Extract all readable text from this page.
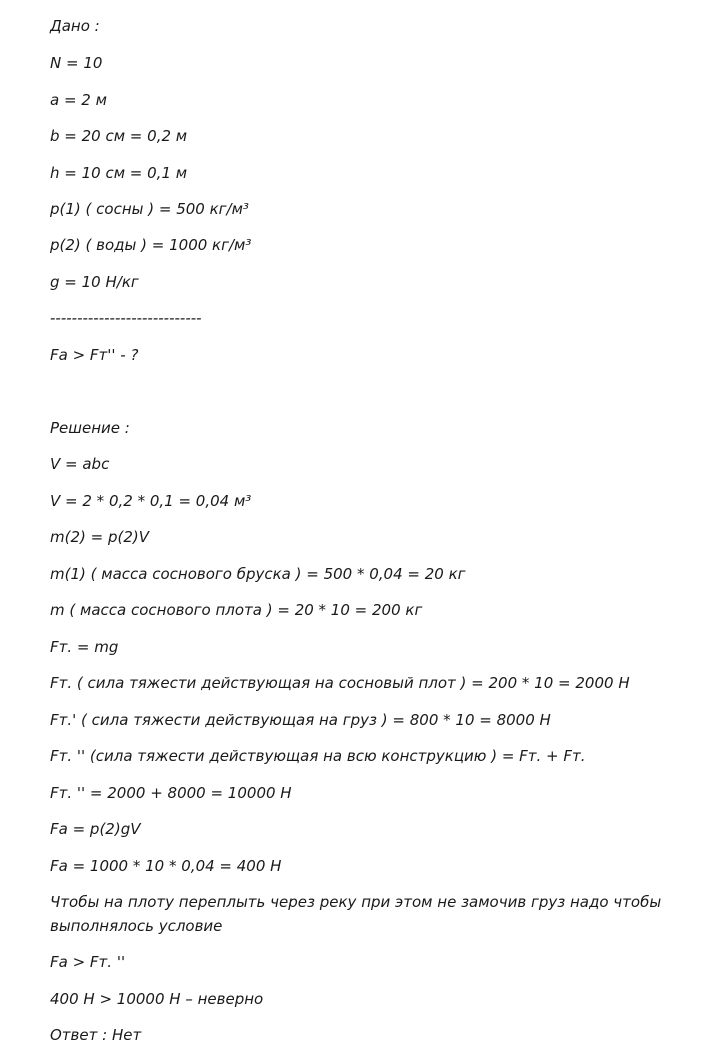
Дано :
N = 10
a = 2 м
b = 20 см = 0,2 м
h = 10 см = 0,1 м
p(1) ( сосны ) = 500 кг/м³
p(2) ( воды ) = 1000 кг/м³
g = 10 Н/кг
----------------------------
Fa > Fт'' - ?
Решение :
V = abc
V = 2 * 0,2 * 0,1 = 0,04 м³
m(2) = p(2)V
m(1) ( масса соснового бруска ) = 500 * 0,04 = 20 кг
m ( масса соснового плота ) = 20 * 10 = 200 кг
Fт. = mg
Fт. ( сила тяжести действующая на сосновый плот ) = 200 * 10 = 2000 Н
Fт.' ( сила тяжести действующая на груз ) = 800 * 10 = 8000 Н
Fт. '' (сила тяжести действующая на всю конструкцию ) = Fт. + Fт.
Fт. '' = 2000 + 8000 = 10000 Н
Fa = p(2)gV
Fa = 1000 * 10 * 0,04 = 400 Н
Чтобы на плоту переплыть через реку при этом не замочив груз надо чтобы выполнялось условие
Fa > Fт. ''
400 Н > 10000 Н – неверно
Ответ : Нет
